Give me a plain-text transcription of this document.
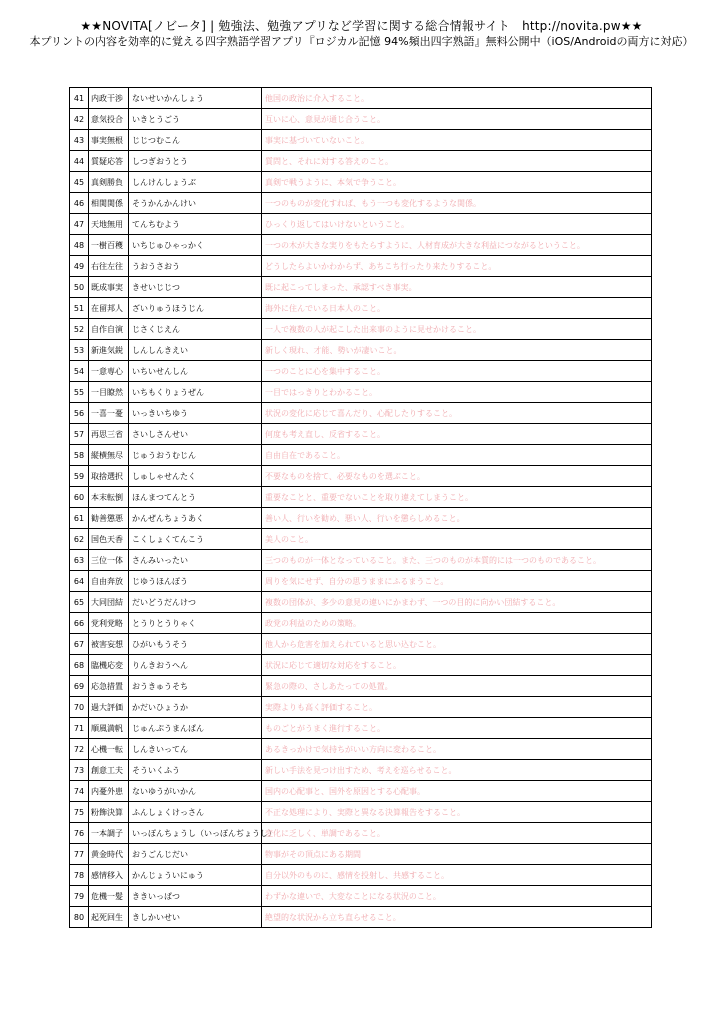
★★NOVITA[ノビータ] | 勉強法、勉強アプリなど学習に関する総合情報サイト　http://novita.pw★★
本プリントの内容を効率的に覚える四字熟語学習アプリ『ロジカル記憶 94%頻出四字熟語』無料公開中（iOS/Androidの両方に対応）
41	内政干渉	ないせいかんしょう	他国の政治に介入すること。
42	意気投合	いきとうごう	互いに心、意見が通じ合うこと。
43	事実無根	じじつむこん	事実に基づいていないこと。
44	質疑応答	しつぎおうとう	質問と、それに対する答えのこと。
45	真剣勝負	しんけんしょうぶ	真剣で戦うように、本気で争うこと。
46	相関関係	そうかんかんけい	一つのものが変化すれば、もう一つも変化するような関係。
47	天地無用	てんちむよう	ひっくり返してはいけないということ。
48	一樹百穫	いちじゅひゃっかく	一つの木が大きな実りをもたらすように、人材育成が大きな利益につながるということ。
49	右往左往	うおうさおう	どうしたらよいかわからず、あちこち行ったり来たりすること。
50	既成事実	きせいじじつ	既に起こってしまった、承認すべき事実。
51	在留邦人	ざいりゅうほうじん	海外に住んでいる日本人のこと。
52	自作自演	じさくじえん	一人で複数の人が起こした出来事のように見せかけること。
53	新進気鋭	しんしんきえい	新しく現れ、才能、勢いが凄いこと。
54	一意専心	いちいせんしん	一つのことに心を集中すること。
55	一目瞭然	いちもくりょうぜん	一目ではっきりとわかること。
56	一喜一憂	いっきいちゆう	状況の変化に応じて喜んだり、心配したりすること。
57	再思三省	さいしさんせい	何度も考え直し、反省すること。
58	縦横無尽	じゅうおうむじん	自由自在であること。
59	取捨選択	しゅしゃせんたく	不要なものを捨て、必要なものを選ぶこと。
60	本末転倒	ほんまつてんとう	重要なことと、重要でないことを取り違えてしまうこと。
61	勧善懲悪	かんぜんちょうあく	善い人、行いを勧め、悪い人、行いを懲らしめること。
62	国色天香	こくしょくてんこう	美人のこと。
63	三位一体	さんみいったい	三つのものが一体となっていること。また、三つのものが本質的には一つのものであること。
64	自由奔放	じゆうほんぽう	周りを気にせず、自分の思うままにふるまうこと。
65	大同団結	だいどうだんけつ	複数の団体が、多少の意見の違いにかまわず、一つの目的に向かい団結すること。
66	党利党略	とうりとうりゃく	政党の利益のための策略。
67	被害妄想	ひがいもうそう	他人から危害を加えられていると思い込むこと。
68	臨機応変	りんきおうへん	状況に応じて適切な対応をすること。
69	応急措置	おうきゅうそち	緊急の際の、さしあたっての処置。
70	過大評価	かだいひょうか	実際よりも高く評価すること。
71	順風満帆	じゅんぷうまんぱん	ものごとがうまく進行すること。
72	心機一転	しんきいってん	あるきっかけで気持ちがいい方向に変わること。
73	創意工夫	そういくふう	新しい手法を見つけ出すため、考えを巡らせること。
74	内憂外患	ないゆうがいかん	国内の心配事と、国外を原因とする心配事。
75	粉飾決算	ふんしょくけっさん	不正な処理により、実際と異なる決算報告をすること。
76	一本調子	いっぽんちょうし（いっぽんぢょうし）	変化に乏しく、単調であること。
77	黄金時代	おうごんじだい	物事がその頂点にある期間
78	感情移入	かんじょういにゅう	自分以外のものに、感情を投射し、共感すること。
79	危機一髪	ききいっぱつ	わずかな違いで、大変なことになる状況のこと。
80	起死回生	きしかいせい	絶望的な状況から立ち直らせること。
